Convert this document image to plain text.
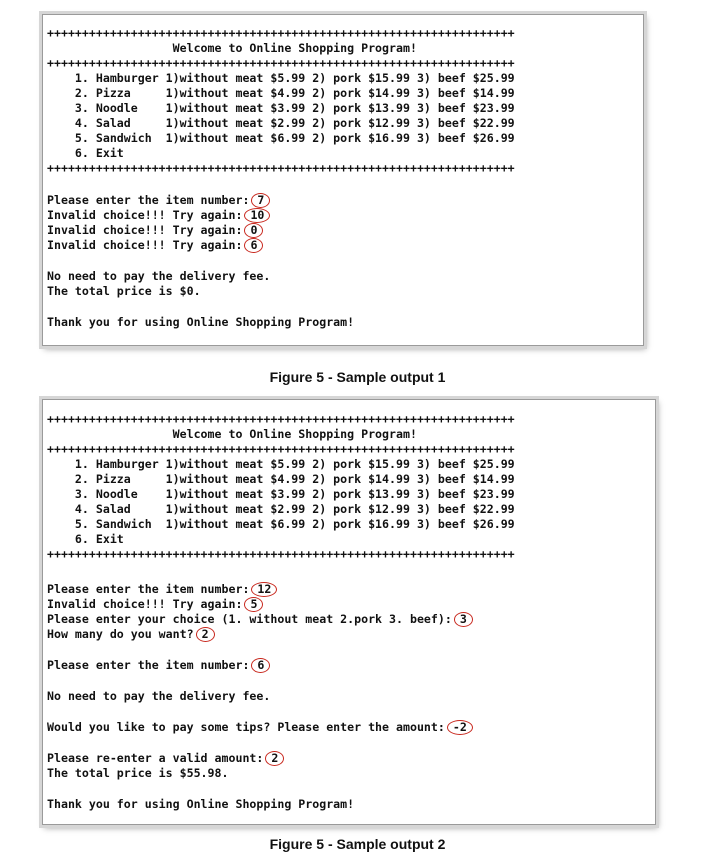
+++++++++++++++++++++++++++++++++++++++++++++++++++++++++++++++++++
Welcome to Online Shopping Program!
+++++++++++++++++++++++++++++++++++++++++++++++++++++++++++++++++++
1. Hamburger 1)without meat $5.99 2) pork $15.99 3) beef $25.99
2. Pizza     1)without meat $4.99 2) pork $14.99 3) beef $14.99
3. Noodle    1)without meat $3.99 2) pork $13.99 3) beef $23.99
4. Salad     1)without meat $2.99 2) pork $12.99 3) beef $22.99
5. Sandwich  1)without meat $6.99 2) pork $16.99 3) beef $26.99
6. Exit
+++++++++++++++++++++++++++++++++++++++++++++++++++++++++++++++++++
Please enter the item number: 7
Invalid choice!!! Try again: 10
Invalid choice!!! Try again: 0
Invalid choice!!! Try again: 6
No need to pay the delivery fee.
The total price is $0.
Thank you for using Online Shopping Program!
Figure 5 - Sample output 1
+++++++++++++++++++++++++++++++++++++++++++++++++++++++++++++++++++
Welcome to Online Shopping Program!
+++++++++++++++++++++++++++++++++++++++++++++++++++++++++++++++++++
1. Hamburger 1)without meat $5.99 2) pork $15.99 3) beef $25.99
2. Pizza     1)without meat $4.99 2) pork $14.99 3) beef $14.99
3. Noodle    1)without meat $3.99 2) pork $13.99 3) beef $23.99
4. Salad     1)without meat $2.99 2) pork $12.99 3) beef $22.99
5. Sandwich  1)without meat $6.99 2) pork $16.99 3) beef $26.99
6. Exit
+++++++++++++++++++++++++++++++++++++++++++++++++++++++++++++++++++
Please enter the item number: 12
Invalid choice!!! Try again: 5
Please enter your choice (1. without meat 2.pork 3. beef): 3
How many do you want? 2
Please enter the item number: 6
No need to pay the delivery fee.
Would you like to pay some tips? Please enter the amount: -2
Please re-enter a valid amount: 2
The total price is $55.98.
Thank you for using Online Shopping Program!
Figure 5 - Sample output 2
